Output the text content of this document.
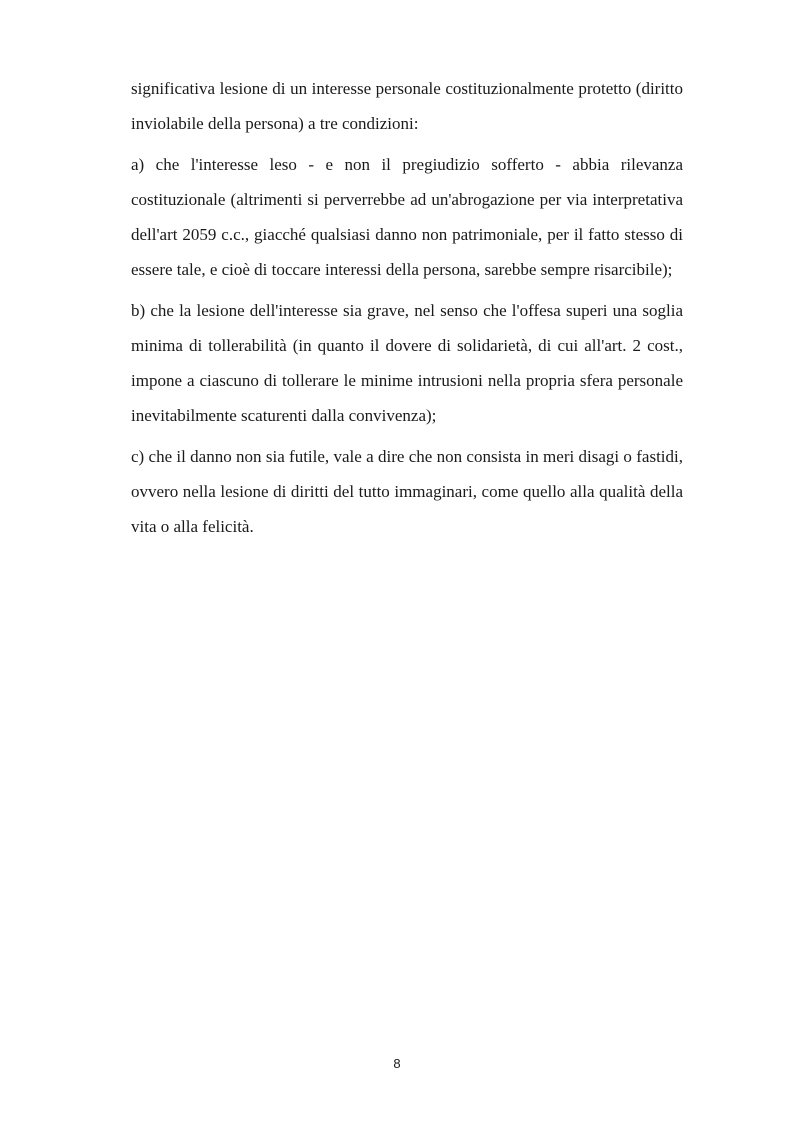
significativa lesione di un interesse personale costituzionalmente protetto (diritto inviolabile della persona) a tre condizioni:

a) che l'interesse leso - e non il pregiudizio sofferto - abbia rilevanza costituzionale (altrimenti si perverrebbe ad un'abrogazione per via interpretativa dell'art 2059 c.c., giacché qualsiasi danno non patrimoniale, per il fatto stesso di essere tale, e cioè di toccare interessi della persona, sarebbe sempre risarcibile);

b) che la lesione dell'interesse sia grave, nel senso che l'offesa superi una soglia minima di tollerabilità (in quanto il dovere di solidarietà, di cui all'art. 2 cost., impone a ciascuno di tollerare le minime intrusioni nella propria sfera personale inevitabilmente scaturenti dalla convivenza);

c) che il danno non sia futile, vale a dire che non consista in meri disagi o fastidi, ovvero nella lesione di diritti del tutto immaginari, come quello alla qualità della vita o alla felicità.

8
